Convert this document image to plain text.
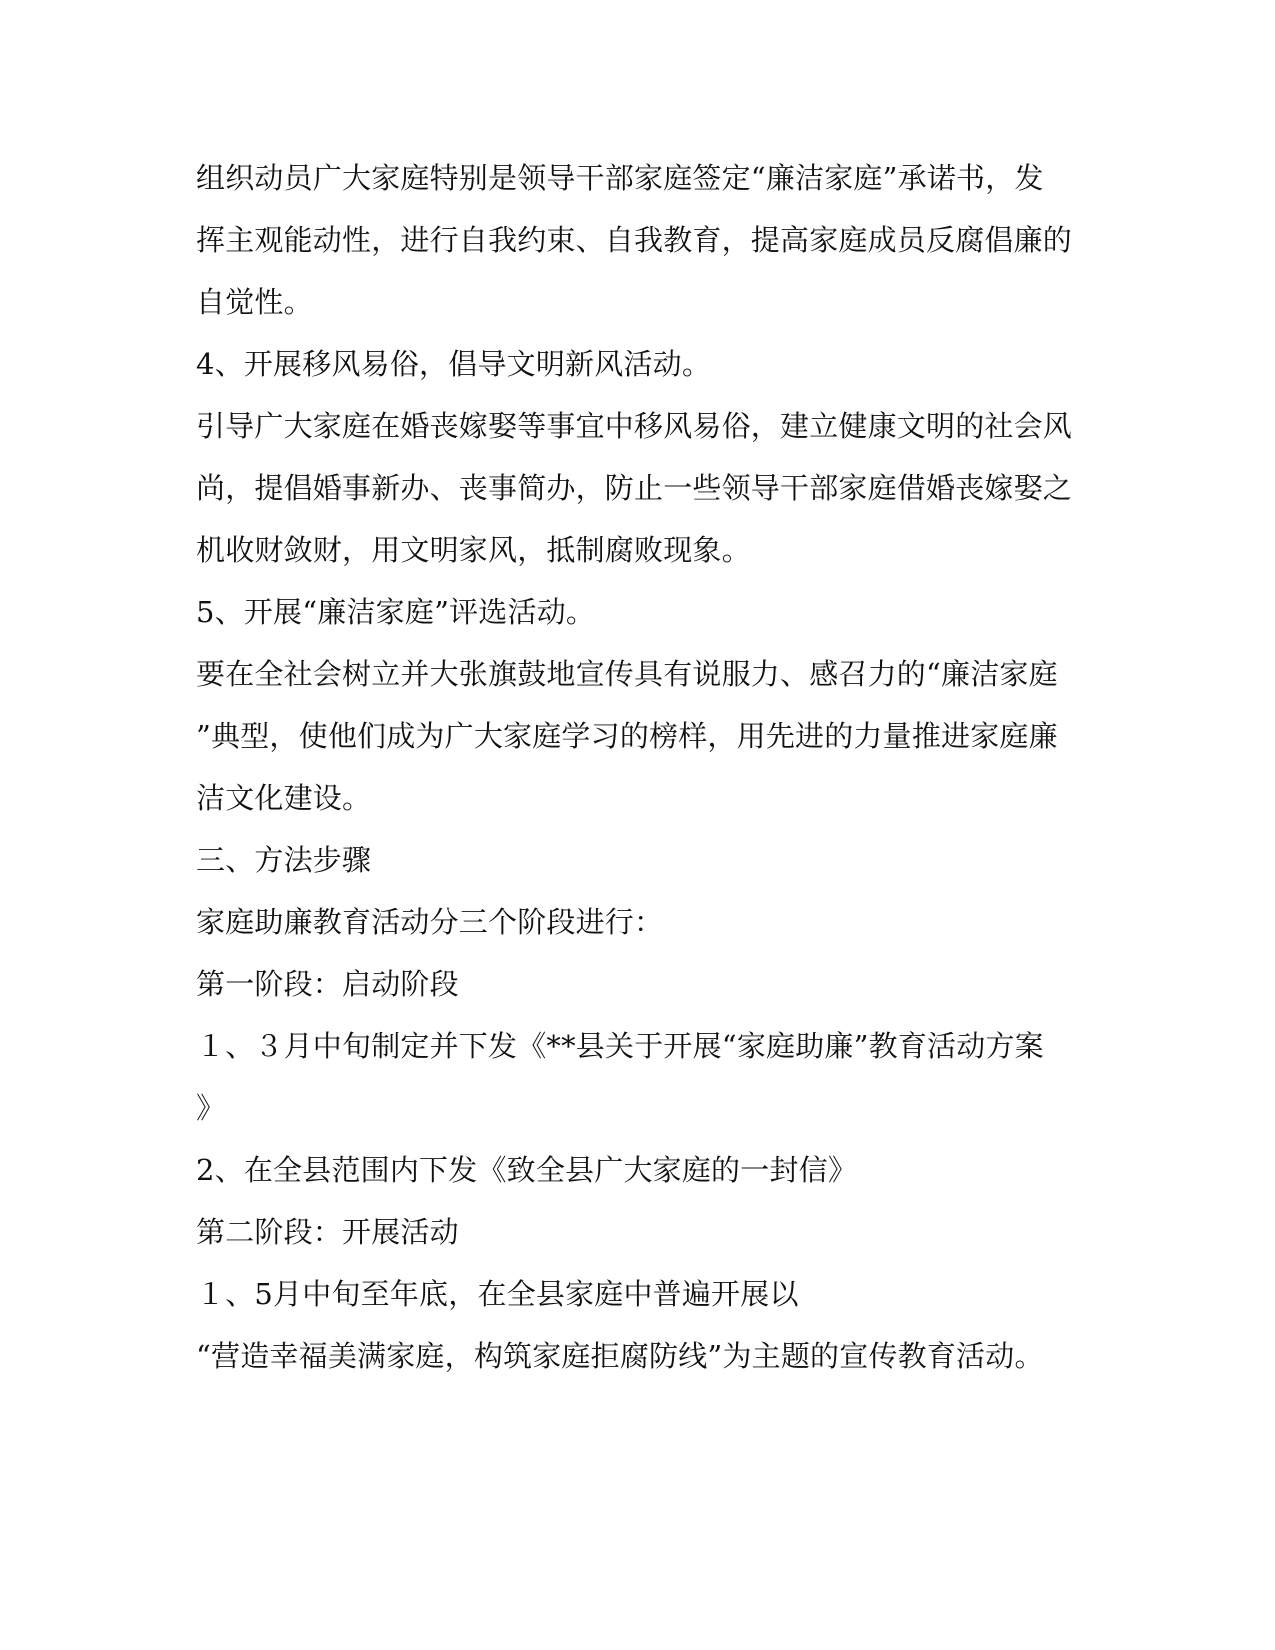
组织动员广大家庭特别是领导干部家庭签定“廉洁家庭”承诺书，发
挥主观能动性，进行自我约束、自我教育，提高家庭成员反腐倡廉的
自觉性。
4、开展移风易俗，倡导文明新风活动。
引导广大家庭在婚丧嫁娶等事宜中移风易俗，建立健康文明的社会风
尚，提倡婚事新办、丧事简办，防止一些领导干部家庭借婚丧嫁娶之
机收财敛财，用文明家风，抵制腐败现象。
5、开展“廉洁家庭”评选活动。
要在全社会树立并大张旗鼓地宣传具有说服力、感召力的“廉洁家庭
”典型，使他们成为广大家庭学习的榜样，用先进的力量推进家庭廉
洁文化建设。
三、方法步骤
家庭助廉教育活动分三个阶段进行：
第一阶段：启动阶段
１、３月中旬制定并下发《**县关于开展“家庭助廉”教育活动方案
》
2、在全县范围内下发《致全县广大家庭的一封信》
第二阶段：开展活动
１、5月中旬至年底，在全县家庭中普遍开展以
“营造幸福美满家庭，构筑家庭拒腐防线”为主题的宣传教育活动。
